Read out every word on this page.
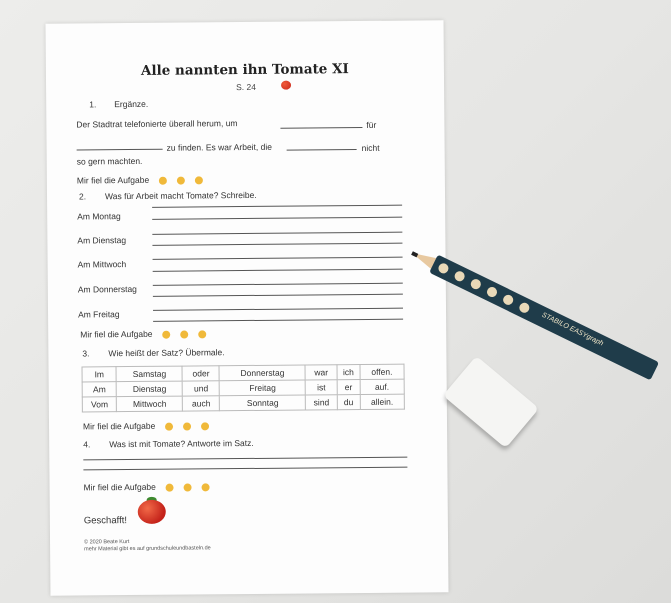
Alle nannten ihn Tomate XI
S. 24
1. Ergänze.
Der Stadtrat telefonierte überall herum, um	für
zu finden. Es war Arbeit, die	nicht
so gern machten.
Mir fiel die Aufgabe
2. Was für Arbeit macht Tomate? Schreibe.
Am Montag
Am Dienstag
Am Mittwoch
Am Donnerstag
Am Freitag
Mir fiel die Aufgabe
3. Wie heißt der Satz? Übermale.
Im	Samstag	oder	Donnerstag	war	ich	offen.
Am	Dienstag	und	Freitag	ist	er	auf.
Vom	Mittwoch	auch	Sonntag	sind	du	allein.
Mir fiel die Aufgabe
4. Was ist mit Tomate? Antworte im Satz.
Mir fiel die Aufgabe
Geschafft!
© 2020 Beate Kurt
mehr Material gibt es auf grundschuleundbasteln.de
STABILO EASYgraph
